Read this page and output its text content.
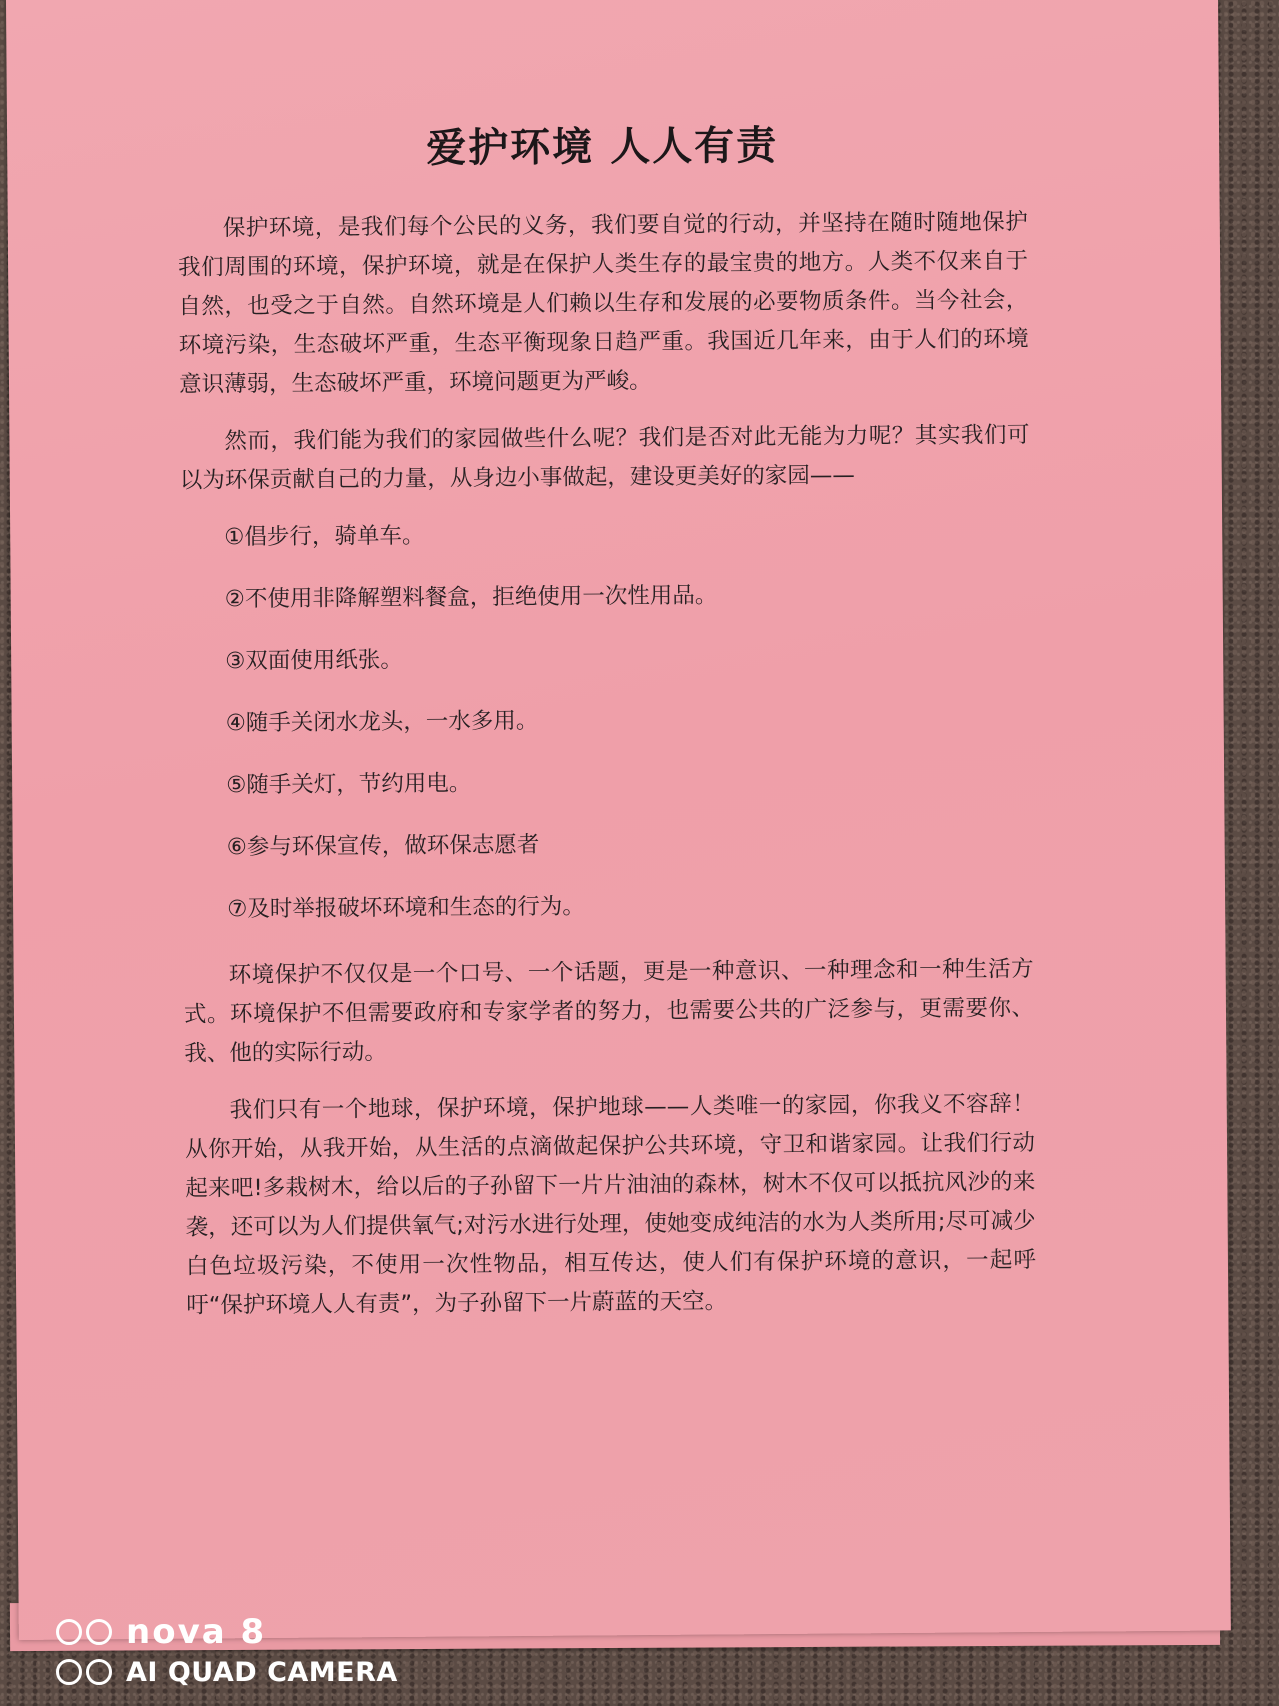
爱护环境 人人有责

保护环境，是我们每个公民的义务，我们要自觉的行动，并坚持在随时随地保护我们周围的环境，保护环境，就是在保护人类生存的最宝贵的地方。人类不仅来自于自然，也受之于自然。自然环境是人们赖以生存和发展的必要物质条件。当今社会，环境污染，生态破坏严重，生态平衡现象日趋严重。我国近几年来，由于人们的环境意识薄弱，生态破坏严重，环境问题更为严峻。

然而，我们能为我们的家园做些什么呢？我们是否对此无能为力呢？其实我们可以为环保贡献自己的力量，从身边小事做起，建设更美好的家园——

①倡步行，骑单车。
②不使用非降解塑料餐盒，拒绝使用一次性用品。
③双面使用纸张。
④随手关闭水龙头，一水多用。
⑤随手关灯，节约用电。
⑥参与环保宣传，做环保志愿者
⑦及时举报破坏环境和生态的行为。

环境保护不仅仅是一个口号、一个话题，更是一种意识、一种理念和一种生活方式。环境保护不但需要政府和专家学者的努力，也需要公共的广泛参与，更需要你、我、他的实际行动。

我们只有一个地球，保护环境，保护地球——人类唯一的家园，你我义不容辞！从你开始，从我开始，从生活的点滴做起保护公共环境，守卫和谐家园。让我们行动起来吧!多栽树木，给以后的子孙留下一片片油油的森林，树木不仅可以抵抗风沙的来袭，还可以为人们提供氧气;对污水进行处理，使她变成纯洁的水为人类所用;尽可减少白色垃圾污染，不使用一次性物品，相互传达，使人们有保护环境的意识，一起呼吁“保护环境人人有责”，为子孙留下一片蔚蓝的天空。

nova 8
AI QUAD CAMERA
